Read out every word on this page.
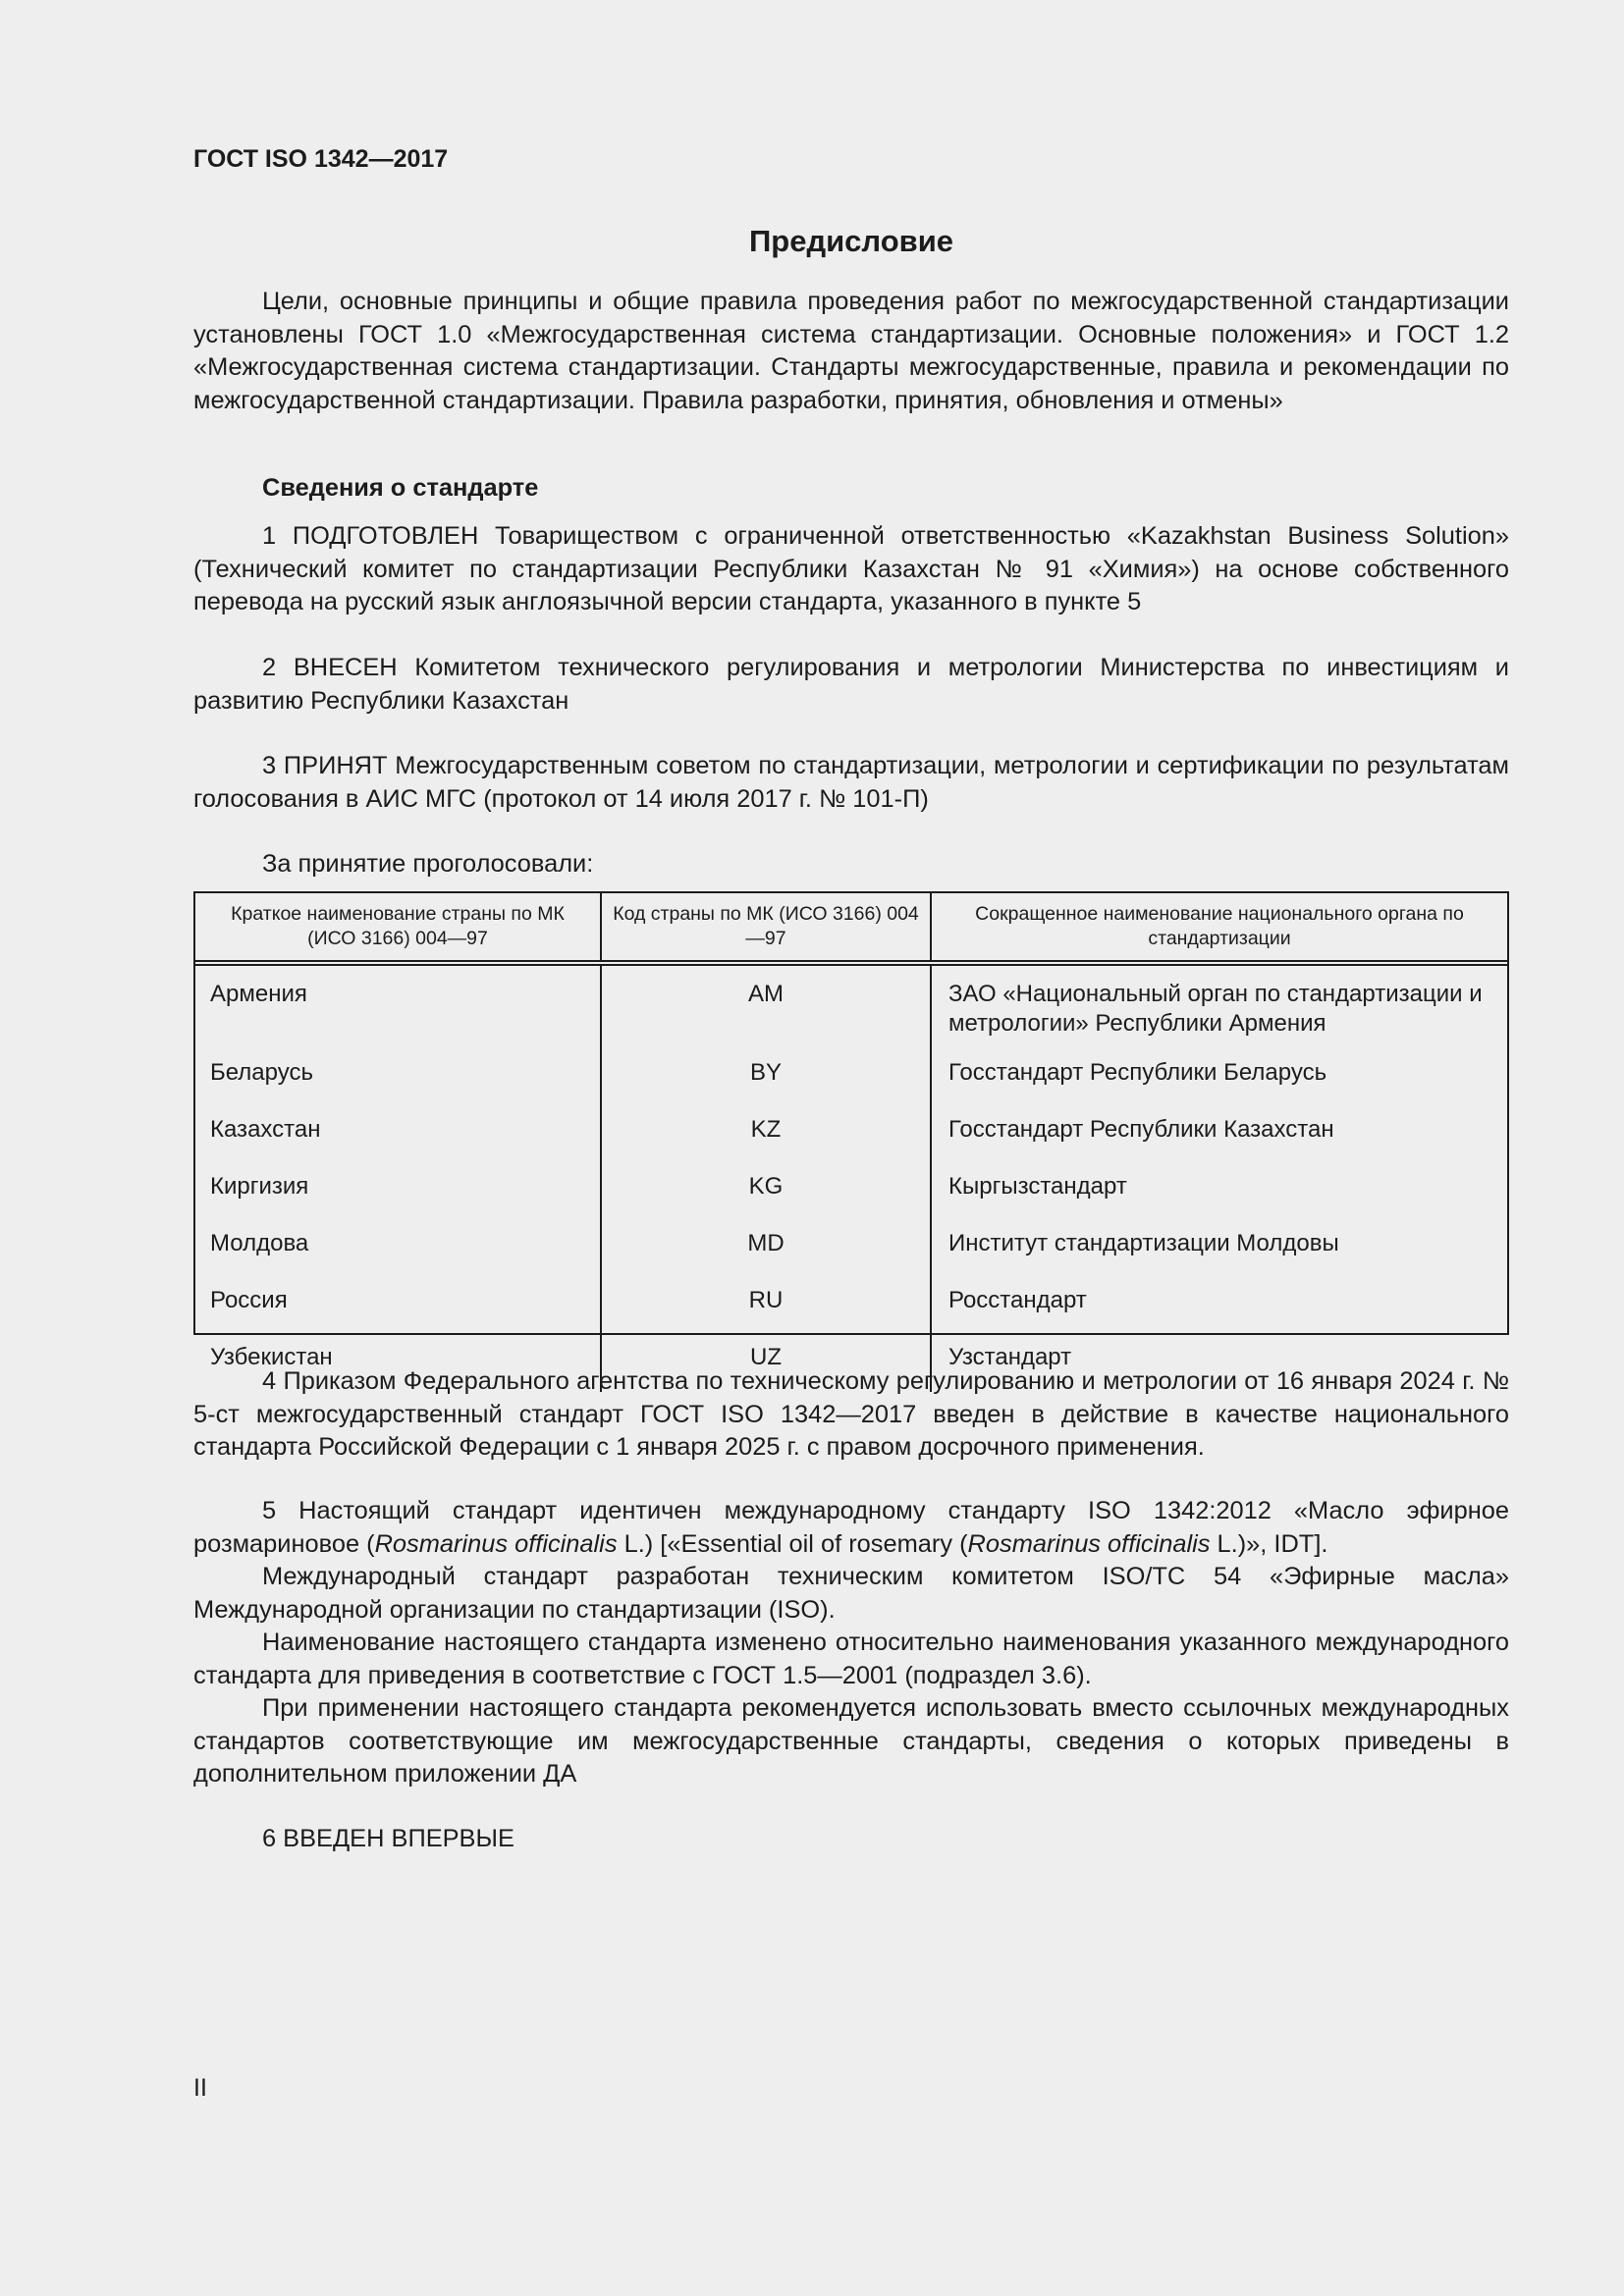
ГОСТ ISO 1342—2017
Предисловие

Цели, основные принципы и общие правила проведения работ по межгосударственной стандартизации установлены ГОСТ 1.0 «Межгосударственная система стандартизации. Основные положения» и ГОСТ 1.2 «Межгосударственная система стандартизации. Стандарты межгосударственные, правила и рекомендации по межгосударственной стандартизации. Правила разработки, принятия, обновления и отмены»

Сведения о стандарте

1 ПОДГОТОВЛЕН Товариществом с ограниченной ответственностью «Kazakhstan Business Solution» (Технический комитет по стандартизации Республики Казахстан № 91 «Химия») на основе собственного перевода на русский язык англоязычной версии стандарта, указанного в пункте 5

2 ВНЕСЕН Комитетом технического регулирования и метрологии Министерства по инвестициям и развитию Республики Казахстан

3 ПРИНЯТ Межгосударственным советом по стандартизации, метрологии и сертификации по результатам голосования в АИС МГС (протокол от 14 июля 2017 г. № 101-П)

За принятие проголосовали:

Краткое наименование страны по МК (ИСО 3166) 004—97	Код страны по МК (ИСО 3166) 004—97	Сокращенное наименование национального органа по стандартизации
Армения	AM	ЗАО «Национальный орган по стандартизации и метрологии» Республики Армения
Беларусь	BY	Госстандарт Республики Беларусь
Казахстан	KZ	Госстандарт Республики Казахстан
Киргизия	KG	Кыргызстандарт
Молдова	MD	Институт стандартизации Молдовы
Россия	RU	Росстандарт
Узбекистан	UZ	Узстандарт

4 Приказом Федерального агентства по техническому регулированию и метрологии от 16 января 2024 г. № 5-ст межгосударственный стандарт ГОСТ ISO 1342—2017 введен в действие в качестве национального стандарта Российской Федерации с 1 января 2025 г. с правом досрочного применения.

5 Настоящий стандарт идентичен международному стандарту ISO 1342:2012 «Масло эфирное розмариновое (Rosmarinus officinalis L.) [«Essential oil of rosemary (Rosmarinus officinalis L.)», IDT].

Международный стандарт разработан техническим комитетом ISO/TC 54 «Эфирные масла» Международной организации по стандартизации (ISO).

Наименование настоящего стандарта изменено относительно наименования указанного международного стандарта для приведения в соответствие с ГОСТ 1.5—2001 (подраздел 3.6).

При применении настоящего стандарта рекомендуется использовать вместо ссылочных международных стандартов соответствующие им межгосударственные стандарты, сведения о которых приведены в дополнительном приложении ДА

6 ВВЕДЕН ВПЕРВЫЕ

II
